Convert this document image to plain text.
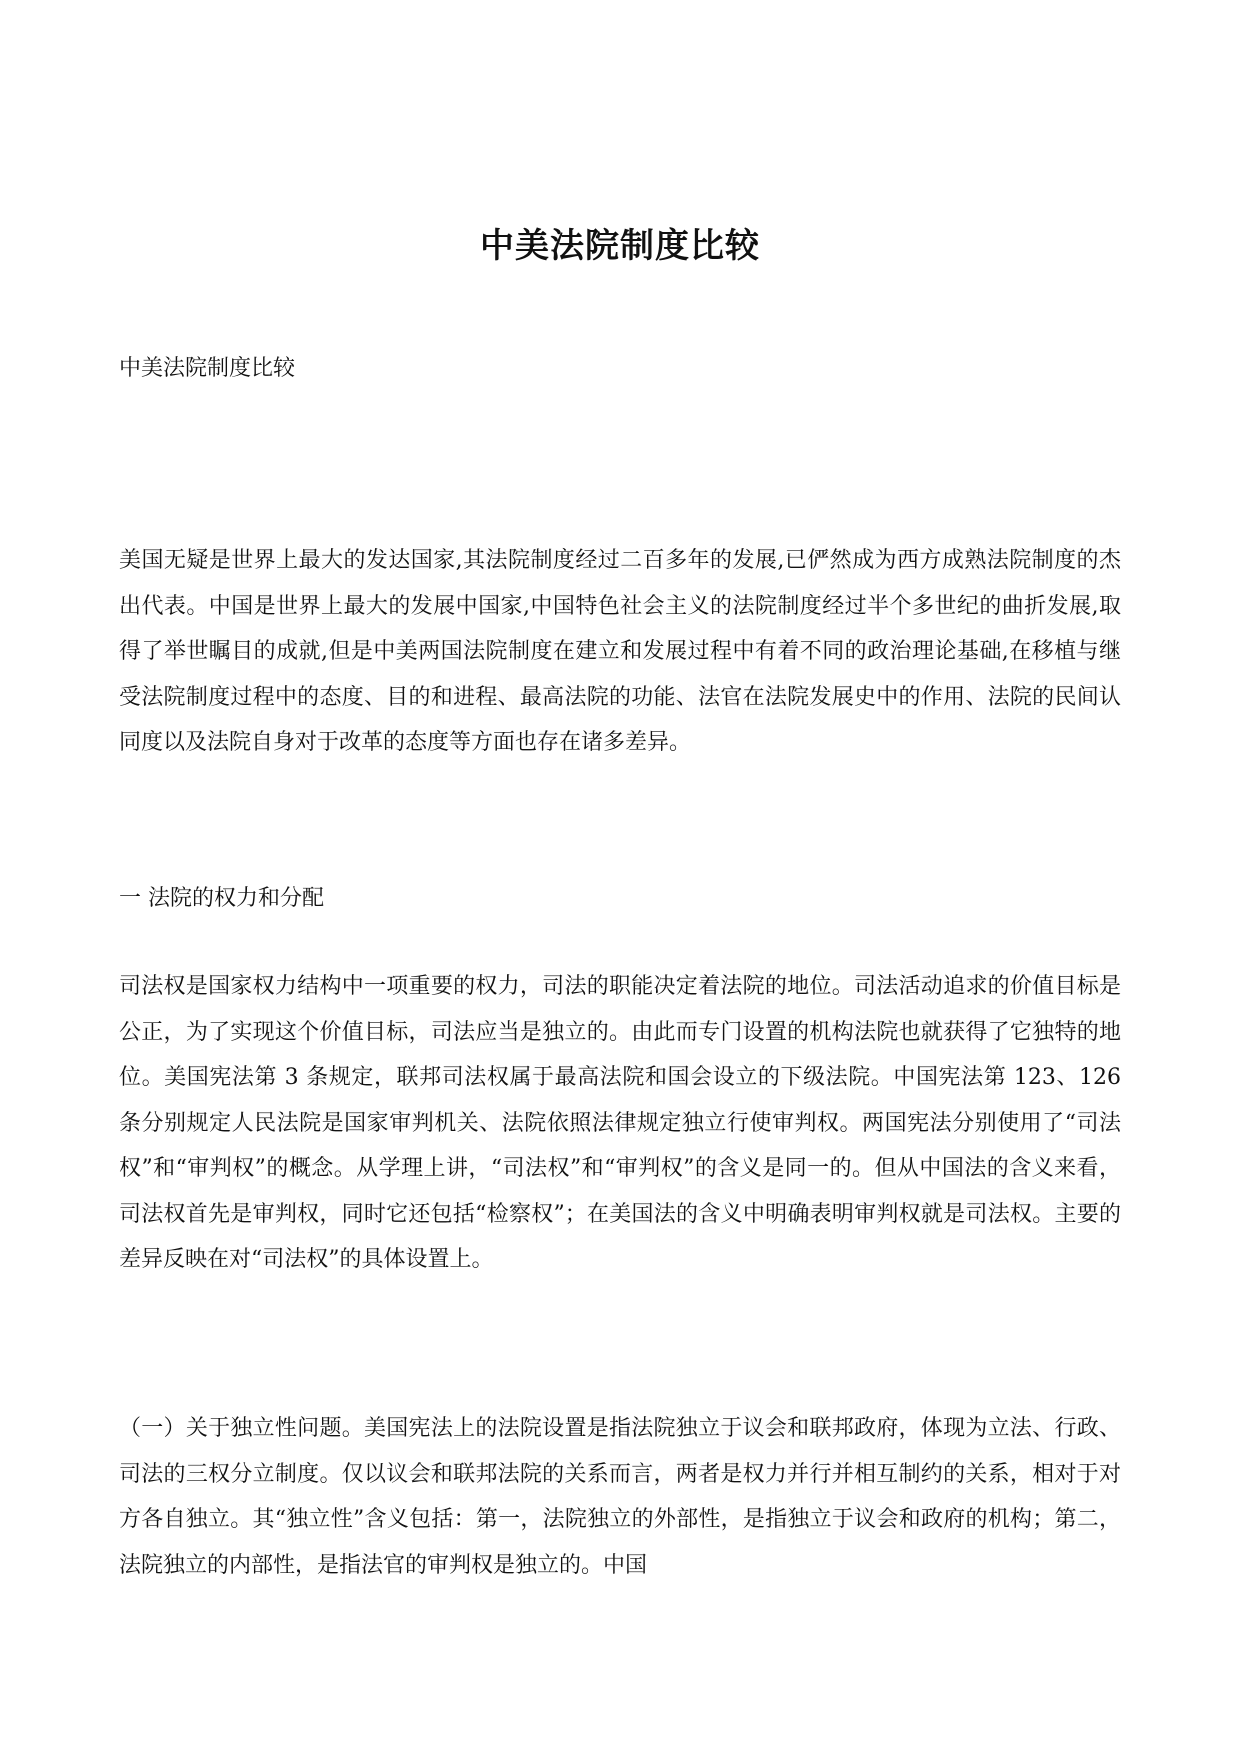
中美法院制度比较

中美法院制度比较

美国无疑是世界上最大的发达国家,其法院制度经过二百多年的发展,已俨然成为西方成熟法院制度的杰出代表。中国是世界上最大的发展中国家,中国特色社会主义的法院制度经过半个多世纪的曲折发展,取得了举世瞩目的成就,但是中美两国法院制度在建立和发展过程中有着不同的政治理论基础,在移植与继受法院制度过程中的态度、目的和进程、最高法院的功能、法官在法院发展史中的作用、法院的民间认同度以及法院自身对于改革的态度等方面也存在诸多差异。

一 法院的权力和分配

司法权是国家权力结构中一项重要的权力，司法的职能决定着法院的地位。司法活动追求的价值目标是公正，为了实现这个价值目标，司法应当是独立的。由此而专门设置的机构法院也就获得了它独特的地位。美国宪法第 3 条规定，联邦司法权属于最高法院和国会设立的下级法院。中国宪法第 123、126 条分别规定人民法院是国家审判机关、法院依照法律规定独立行使审判权。两国宪法分别使用了“司法权”和“审判权”的概念。从学理上讲，“司法权”和“审判权”的含义是同一的。但从中国法的含义来看，司法权首先是审判权，同时它还包括“检察权”；在美国法的含义中明确表明审判权就是司法权。主要的差异反映在对“司法权”的具体设置上。

（一）关于独立性问题。美国宪法上的法院设置是指法院独立于议会和联邦政府，体现为立法、行政、司法的三权分立制度。仅以议会和联邦法院的关系而言，两者是权力并行并相互制约的关系，相对于对方各自独立。其“独立性”含义包括：第一，法院独立的外部性，是指独立于议会和政府的机构；第二，法院独立的内部性，是指法官的审判权是独立的。中国
